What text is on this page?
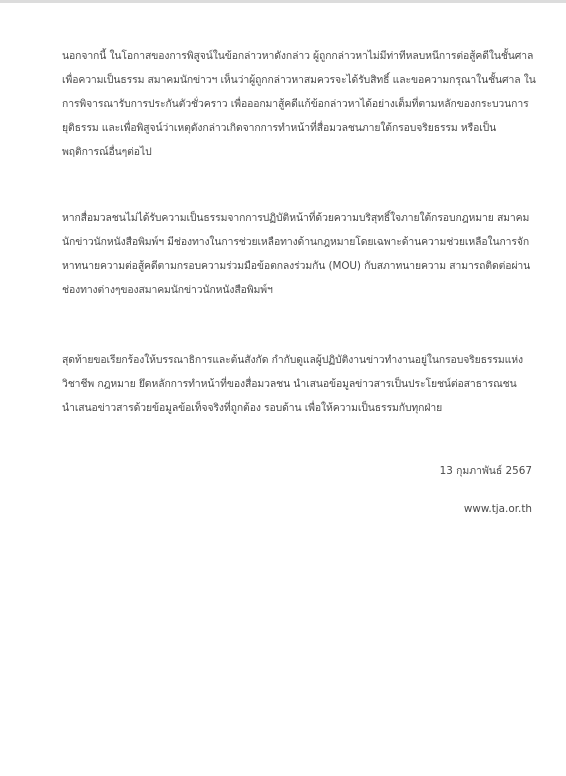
นอกจากนี้ ในโอกาสของการพิสูจน์ในข้อกล่าวหาดังกล่าว ผู้ถูกกล่าวหาไม่มีท่าทีหลบหนีการต่อสู้คดีในชั้นศาล
เพื่อความเป็นธรรม สมาคมนักข่าวฯ เห็นว่าผู้ถูกกล่าวหาสมควรจะได้รับสิทธิ์ และขอความกรุณาในชั้นศาล ใน
การพิจารณารับการประกันตัวชั่วคราว เพื่อออกมาสู้คดีแก้ข้อกล่าวหาได้อย่างเต็มที่ตามหลักของกระบวนการ
ยุติธรรม และเพื่อพิสูจน์ว่าเหตุดังกล่าวเกิดจากการทำหน้าที่สื่อมวลชนภายใต้กรอบจริยธรรม หรือเป็น
พฤติการณ์อื่นๆต่อไป

หากสื่อมวลชนไม่ได้รับความเป็นธรรมจากการปฏิบัติหน้าที่ด้วยความบริสุทธิ์ใจภายใต้กรอบกฎหมาย สมาคม
นักข่าวนักหนังสือพิมพ์ฯ มีช่องทางในการช่วยเหลือทางด้านกฎหมายโดยเฉพาะด้านความช่วยเหลือในการจัก
หาทนายความต่อสู้คดีตามกรอบความร่วมมือข้อตกลงร่วมกัน (MOU) กับสภาทนายความ สามารถติดต่อผ่าน
ช่องทางต่างๆของสมาคมนักข่าวนักหนังสือพิมพ์ฯ

สุดท้ายขอเรียกร้องให้บรรณาธิการและต้นสังกัด กำกับดูแลผู้ปฏิบัติงานข่าวทำงานอยู่ในกรอบจริยธรรมแห่ง
วิชาชีพ กฎหมาย ยึดหลักการทำหน้าที่ของสื่อมวลชน นำเสนอข้อมูลข่าวสารเป็นประโยชน์ต่อสาธารณชน
นำเสนอข่าวสารด้วยข้อมูลข้อเท็จจริงที่ถูกต้อง รอบด้าน เพื่อให้ความเป็นธรรมกับทุกฝ่าย

13 กุมภาพันธ์ 2567
www.tja.or.th
